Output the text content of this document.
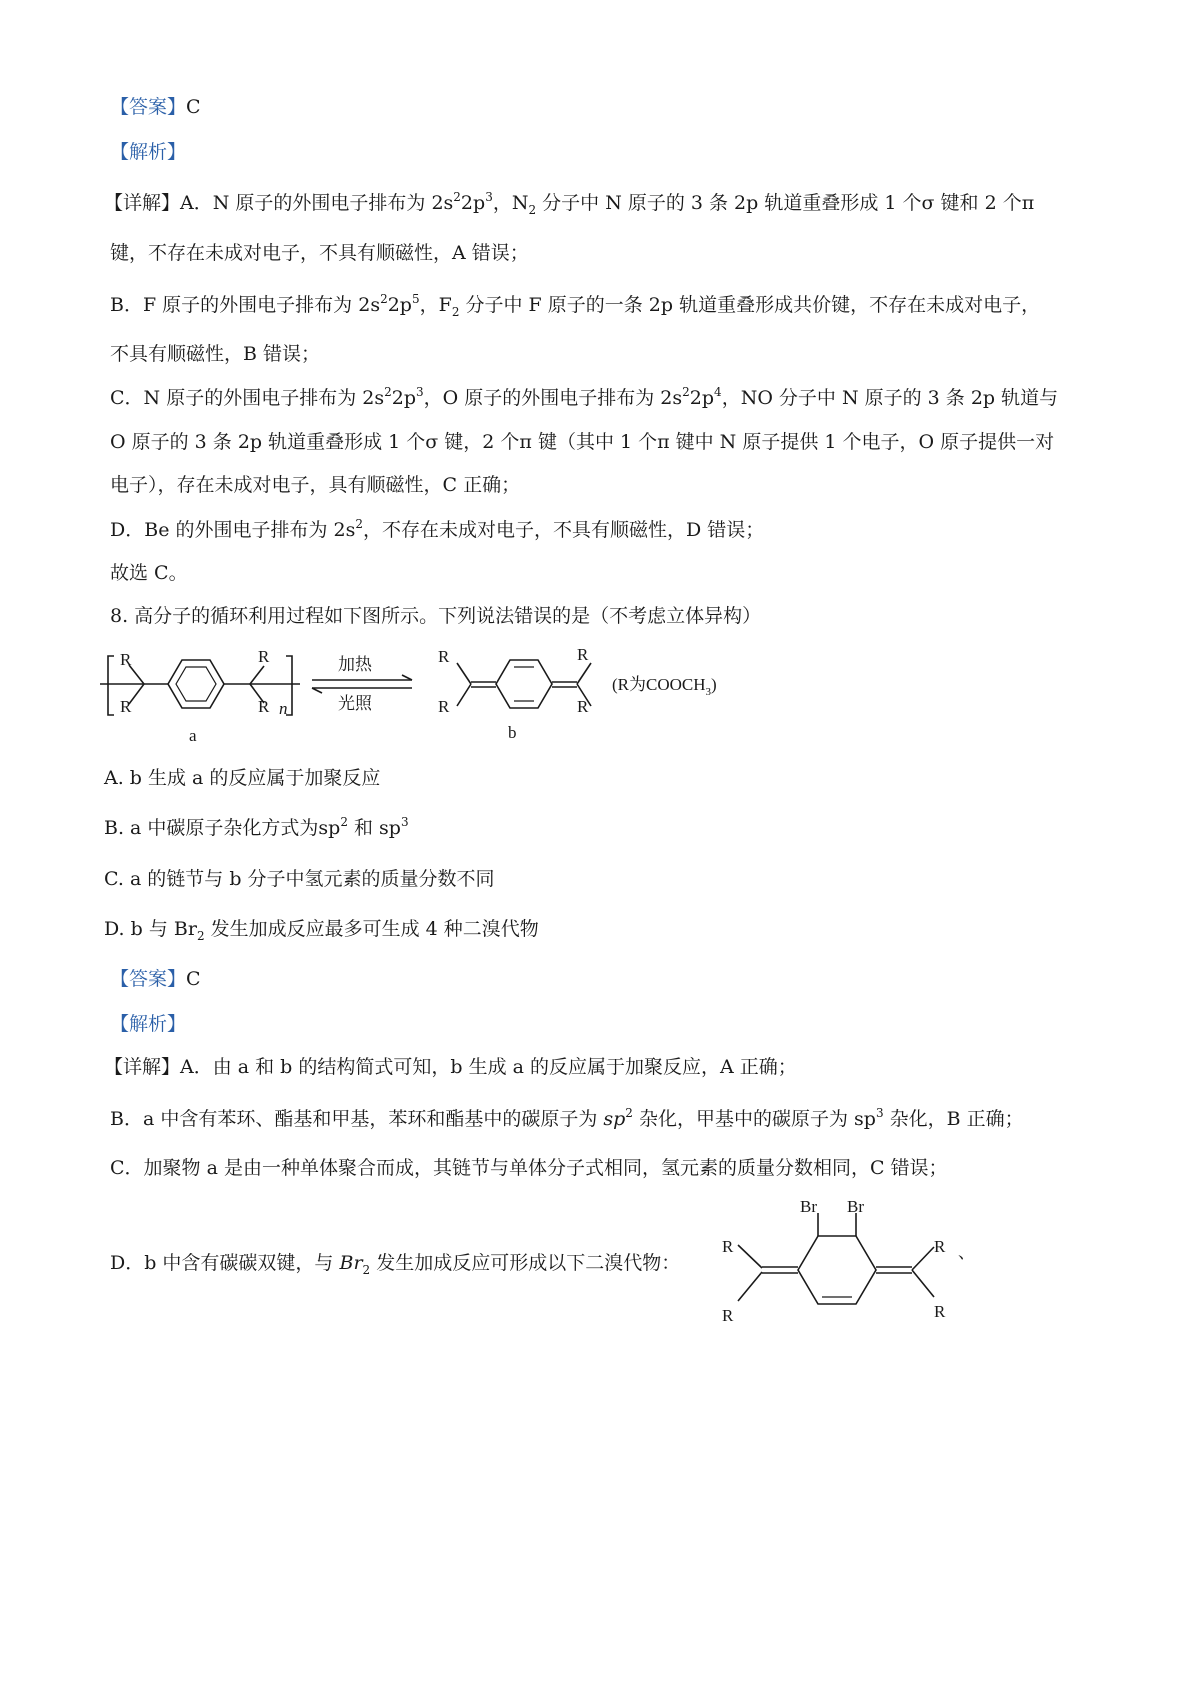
【答案】C
【解析】
【详解】A．N 原子的外围电子排布为 $2s^22p^3$，$N_2$ 分子中 N 原子的 3 条 2p 轨道重叠形成 1 个σ 键和 2 个π
键，不存在未成对电子，不具有顺磁性，A 错误；
B．F 原子的外围电子排布为 $2s^22p^5$，$F_2$ 分子中 F 原子的一条 2p 轨道重叠形成共价键，不存在未成对电子，
不具有顺磁性，B 错误；
C．N 原子的外围电子排布为 $2s^22p^3$，O 原子的外围电子排布为 $2s^22p^4$，NO 分子中 N 原子的 3 条 2p 轨道与
O 原子的 3 条 2p 轨道重叠形成 1 个σ 键，2 个π 键（其中 1 个π 键中 N 原子提供 1 个电子，O 原子提供一对
电子），存在未成对电子，具有顺磁性，C 正确；
D．Be 的外围电子排布为 $2s^2$，不存在未成对电子，不具有顺磁性，D 错误；
故选 C。
8. 高分子的循环利用过程如下图所示。下列说法错误的是（不考虑立体异构）
R
R
R
R n
加热
光照
R
R
R
R
(R为$COOCH_3$)
a	b
A. b 生成 a 的反应属于加聚反应
B. a 中碳原子杂化方式为$sp^2$ 和 $sp^3$
C. a 的链节与 b 分子中氢元素的质量分数不同
D. b 与 $Br_2$ 发生加成反应最多可生成 4 种二溴代物
【答案】C
【解析】
【详解】A．由 a 和 b 的结构简式可知，b 生成 a 的反应属于加聚反应，A 正确；
B．a 中含有苯环、酯基和甲基，苯环和酯基中的碳原子为 $sp^2$ 杂化，甲基中的碳原子为 $sp^3$ 杂化，B 正确；
C．加聚物 a 是由一种单体聚合而成，其链节与单体分子式相同，氢元素的质量分数相同，C 错误；
D．b 中含有碳碳双键，与 $Br_2$ 发生加成反应可形成以下二溴代物：
Br Br
R
R
R
R
、
